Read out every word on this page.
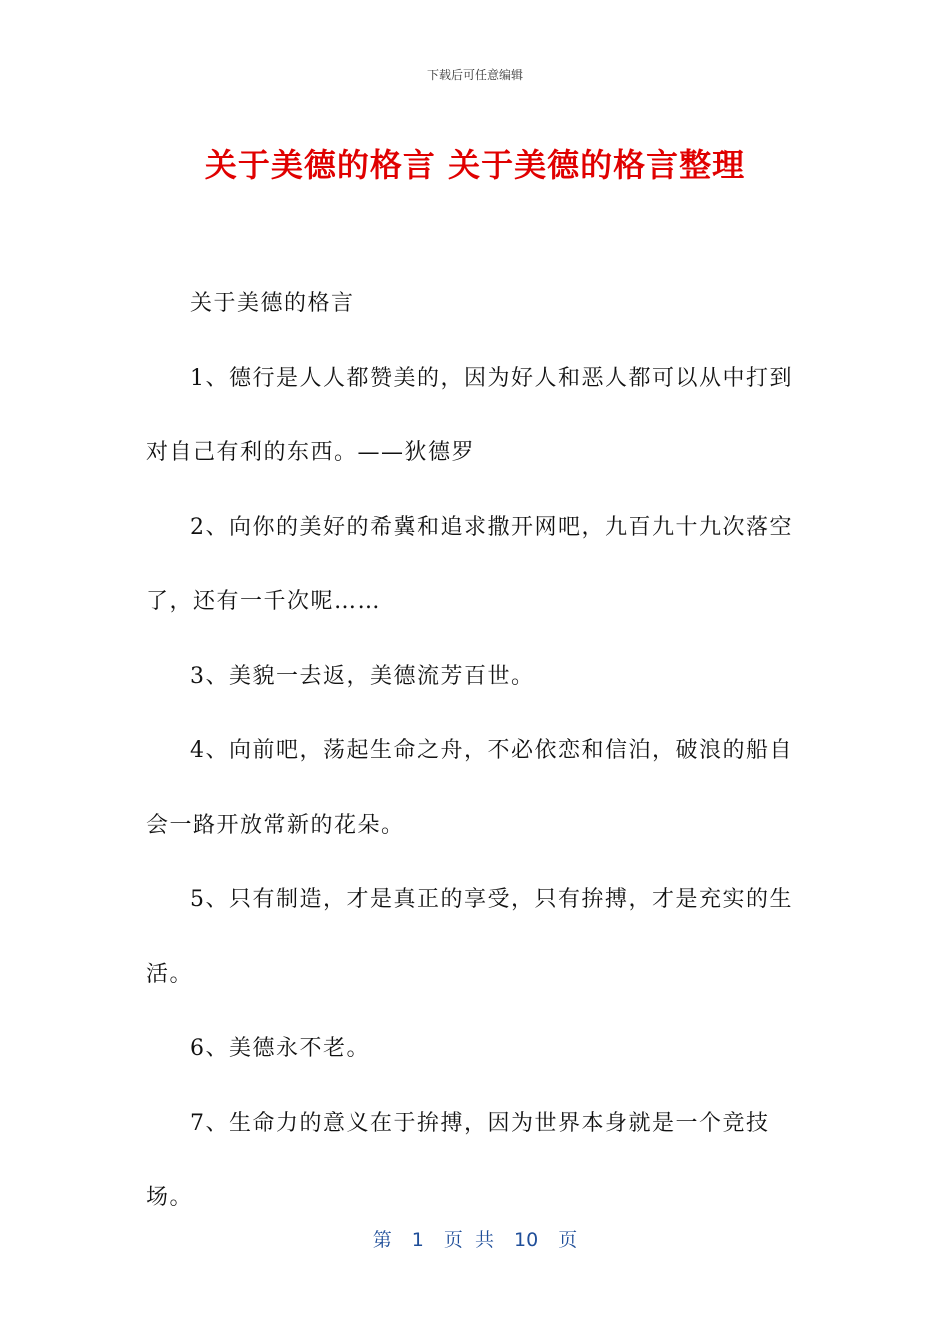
下载后可任意编辑
关于美德的格言 关于美德的格言整理

关于美德的格言

1、德行是人人都赞美的，因为好人和恶人都可以从中打到对自己有利的东西。——狄德罗

2、向你的美好的希冀和追求撒开网吧，九百九十九次落空了，还有一千次呢……

3、美貌一去返，美德流芳百世。

4、向前吧，荡起生命之舟，不必依恋和信泊，破浪的船自会一路开放常新的花朵。

5、只有制造，才是真正的享受，只有拚搏，才是充实的生活。

6、美德永不老。

7、生命力的意义在于拚搏，因为世界本身就是一个竞技场。

第 1 页 共 10 页
